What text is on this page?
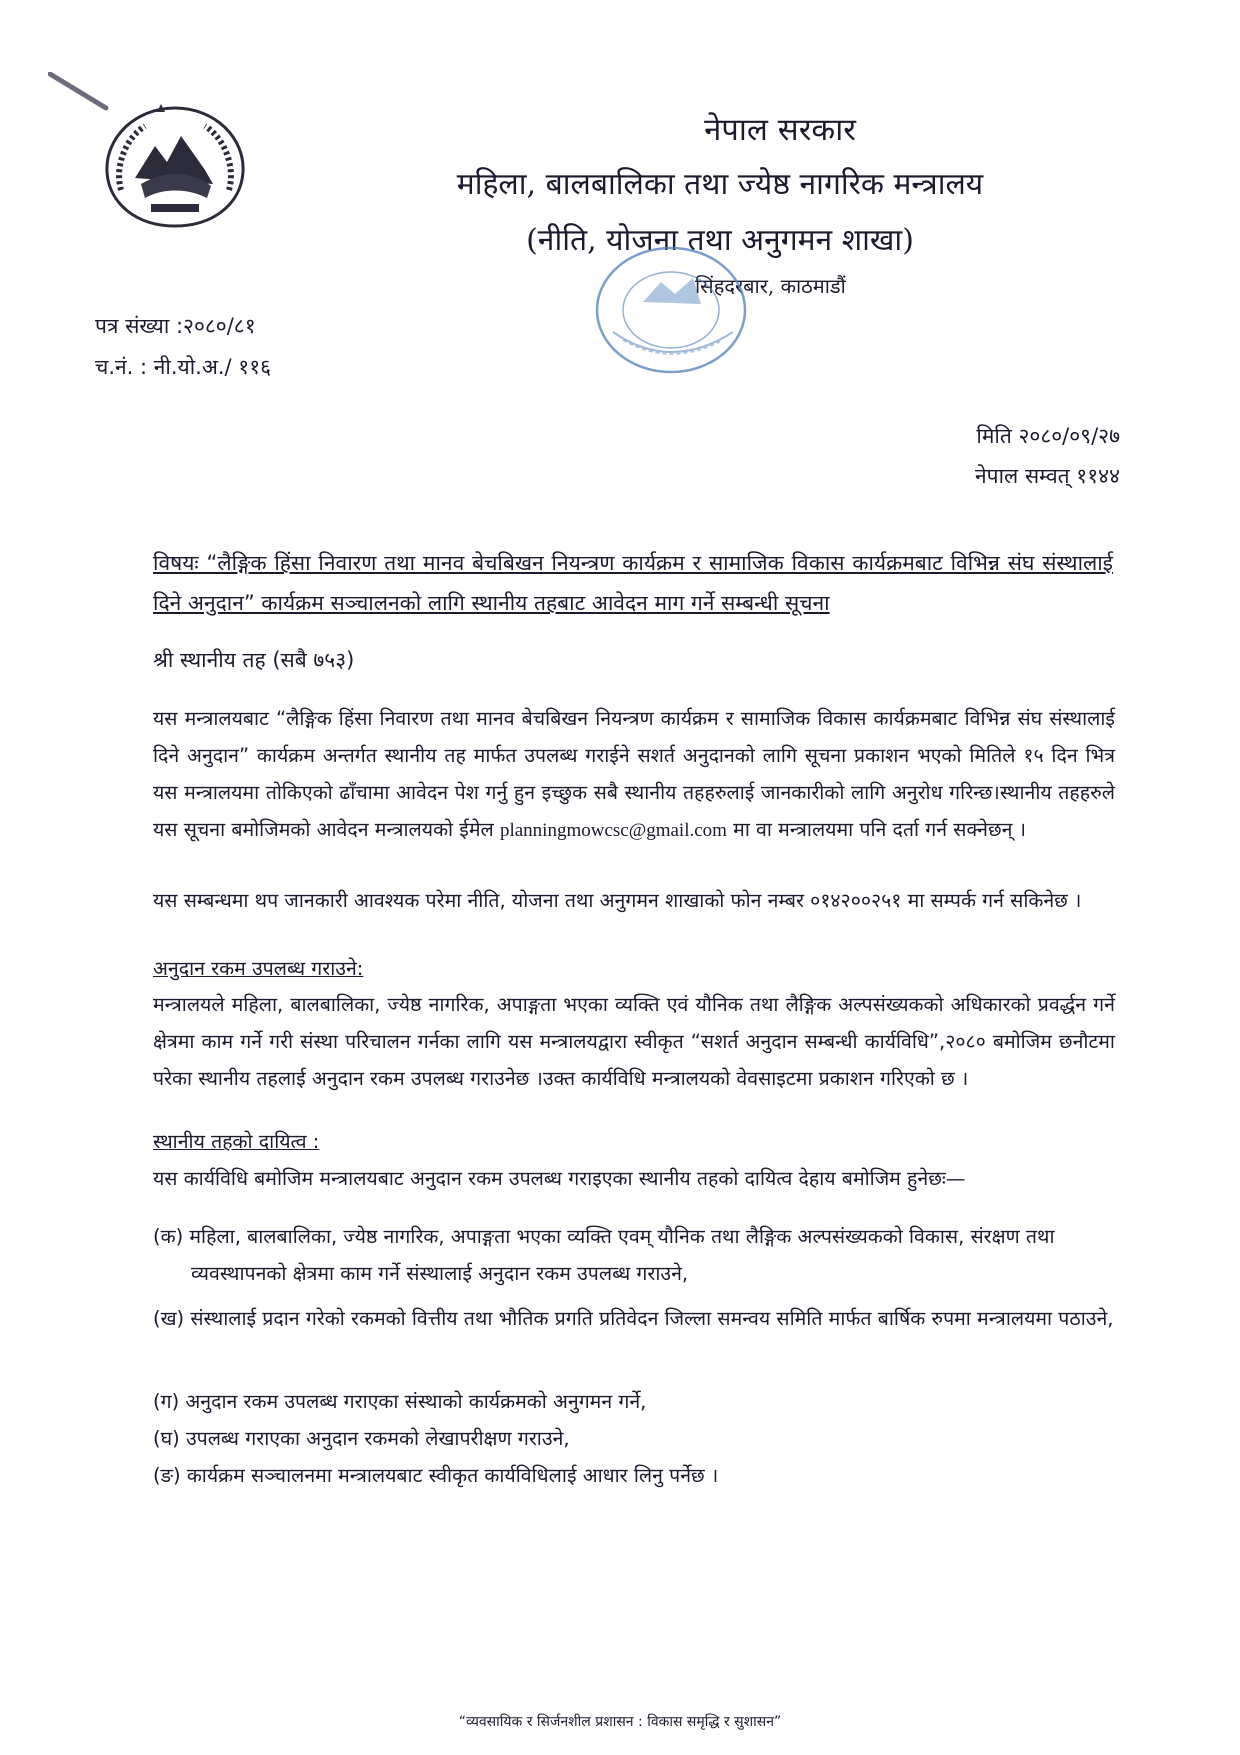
नेपाल सरकार
महिला, बालबालिका तथा ज्येष्ठ नागरिक मन्त्रालय
(नीति, योजना तथा अनुगमन शाखा)
सिंहदरबार, काठमाडौं
पत्र संख्या :२०८०/८१
च.नं. : नी.यो.अ./ ११६
मिति २०८०/०९/२७
नेपाल सम्वत् ११४४
विषयः “लैङ्गिक हिंसा निवारण तथा मानव बेचबिखन नियन्त्रण कार्यक्रम र सामाजिक विकास कार्यक्रमबाट विभिन्न संघ संस्थालाई दिने अनुदान” कार्यक्रम सञ्चालनको लागि स्थानीय तहबाट आवेदन माग गर्ने सम्बन्धी सूचना
श्री स्थानीय तह (सबै ७५३)
यस मन्त्रालयबाट “लैङ्गिक हिंसा निवारण तथा मानव बेचबिखन नियन्त्रण कार्यक्रम र सामाजिक विकास कार्यक्रमबाट विभिन्न संघ संस्थालाई दिने अनुदान” कार्यक्रम अन्तर्गत स्थानीय तह मार्फत उपलब्ध गराईने सशर्त अनुदानको लागि सूचना प्रकाशन भएको मितिले १५ दिन भित्र यस मन्त्रालयमा तोकिएको ढाँचामा आवेदन पेश गर्नु हुन इच्छुक सबै स्थानीय तहहरुलाई जानकारीको लागि अनुरोध गरिन्छ।स्थानीय तहहरुले यस सूचना बमोजिमको आवेदन मन्त्रालयको ईमेल planningmowcsc@gmail.com मा वा मन्त्रालयमा पनि दर्ता गर्न सक्नेछन् ।
यस सम्बन्धमा थप जानकारी आवश्यक परेमा नीति, योजना तथा अनुगमन शाखाको फोन नम्बर ०१४२००२५१ मा सम्पर्क गर्न सकिनेछ ।
अनुदान रकम उपलब्ध गराउने:
मन्त्रालयले महिला, बालबालिका, ज्येष्ठ नागरिक, अपाङ्गता भएका व्यक्ति एवं यौनिक तथा लैङ्गिक अल्पसंख्यकको अधिकारको प्रवर्द्धन गर्ने क्षेत्रमा काम गर्ने गरी संस्था परिचालन गर्नका लागि यस मन्त्रालयद्वारा स्वीकृत “सशर्त अनुदान सम्बन्धी कार्यविधि”,२०८० बमोजिम छनौटमा परेका स्थानीय तहलाई अनुदान रकम उपलब्ध गराउनेछ ।उक्त कार्यविधि मन्त्रालयको वेवसाइटमा प्रकाशन गरिएको छ ।
स्थानीय तहको दायित्व :
यस कार्यविधि बमोजिम मन्त्रालयबाट अनुदान रकम उपलब्ध गराइएका स्थानीय तहको दायित्व देहाय बमोजिम हुनेछः—
(क) महिला, बालबालिका, ज्येष्ठ नागरिक, अपाङ्गता भएका व्यक्ति एवम् यौनिक तथा लैङ्गिक अल्पसंख्यकको विकास, संरक्षण तथा व्यवस्थापनको क्षेत्रमा काम गर्ने संस्थालाई अनुदान रकम उपलब्ध गराउने,
(ख) संस्थालाई प्रदान गरेको रकमको वित्तीय तथा भौतिक प्रगति प्रतिवेदन जिल्ला समन्वय समिति मार्फत बार्षिक रुपमा मन्त्रालयमा पठाउने,
(ग) अनुदान रकम उपलब्ध गराएका संस्थाको कार्यक्रमको अनुगमन गर्ने,
(घ) उपलब्ध गराएका अनुदान रकमको लेखापरीक्षण गराउने,
(ङ) कार्यक्रम सञ्चालनमा मन्त्रालयबाट स्वीकृत कार्यविधिलाई आधार लिनु पर्नेछ ।
“व्यवसायिक र सिर्जनशील प्रशासन : विकास समृद्धि र सुशासन”
